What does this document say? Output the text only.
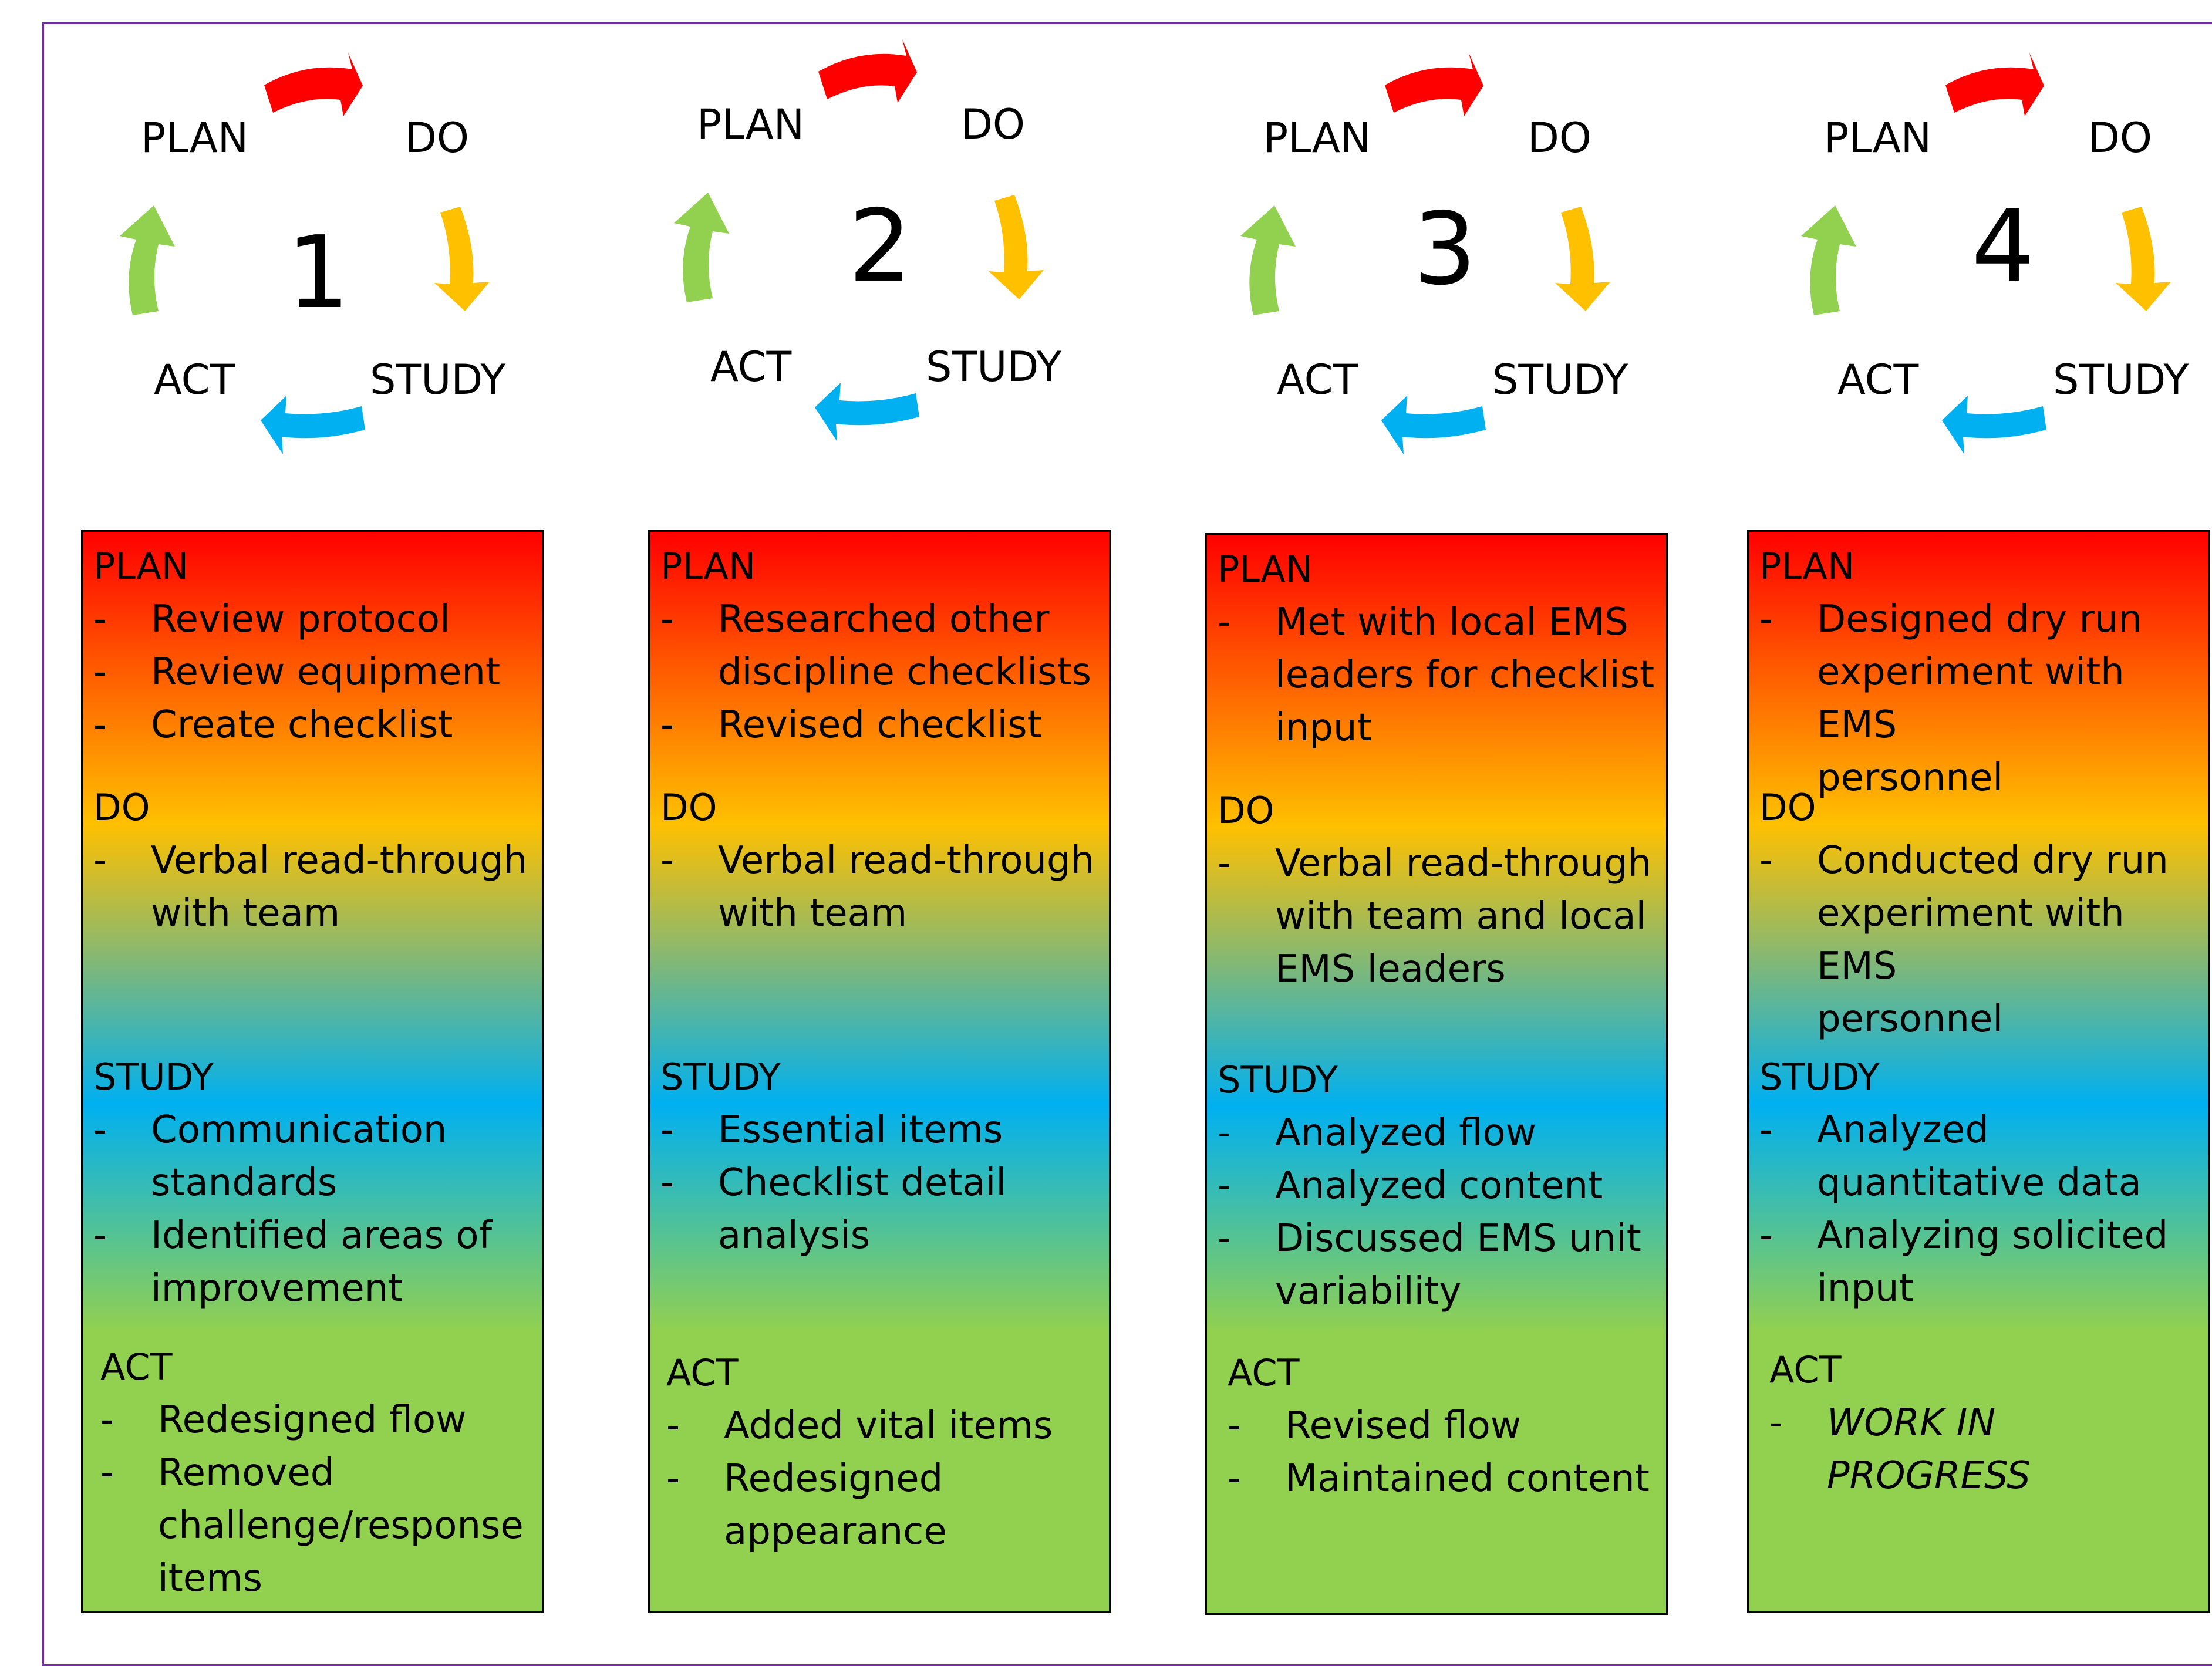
PLAN	DO
STUDY
ACT
1
PLAN	DO
STUDY
ACT
2
PLAN	DO
STUDY
ACT
3
PLAN	DO
STUDY
ACT
4
PLAN
- Review protocol
- Review equipment
- Create checklist
DO
- Verbal read-through
with team
STUDY
- Communication
standards
- Identified areas of
improvement
ACT
- Redesigned flow
- Removed
challenge/response
items
PLAN
- Researched other
discipline checklists
- Revised checklist
DO
- Verbal read-through
with team
STUDY
- Essential items
- Checklist detail
analysis
ACT
- Added vital items
- Redesigned
appearance
PLAN
- Met with local EMS
leaders for checklist
input
DO
- Verbal read-through
with team and local
EMS leaders
STUDY
- Analyzed flow
- Analyzed content
- Discussed EMS unit
variability
ACT
- Revised flow
- Maintained content
PLAN
- Designed dry run
experiment with EMS
personnel
DO
- Conducted dry run
experiment with EMS
personnel
STUDY
- Analyzed
quantitative data
- Analyzing solicited
input
ACT
- WORK IN PROGRESS
